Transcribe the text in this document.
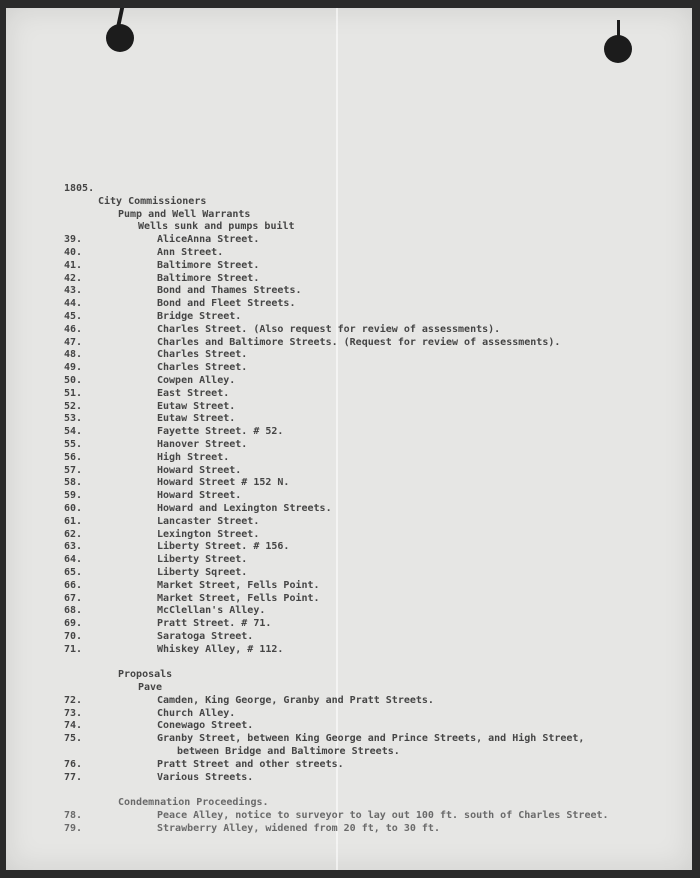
1805.
City Commissioners
Pump and Well Warrants
Wells sunk and pumps built
39.	AliceAnna Street.
40.	Ann Street.
41.	Baltimore Street.
42.	Baltimore Street.
43.	Bond and Thames Streets.
44.	Bond and Fleet Streets.
45.	Bridge Street.
46.	Charles Street. (Also request for review of assessments).
47.	Charles and Baltimore Streets. (Request for review of assessments).
48.	Charles Street.
49.	Charles Street.
50.	Cowpen Alley.
51.	East Street.
52.	Eutaw Street.
53.	Eutaw Street.
54.	Fayette Street. # 52.
55.	Hanover Street.
56.	High Street.
57.	Howard Street.
58.	Howard Street # 152 N.
59.	Howard Street.
60.	Howard and Lexington Streets.
61.	Lancaster Street.
62.	Lexington Street.
63.	Liberty Street. # 156.
64.	Liberty Street.
65.	Liberty Sqreet.
66.	Market Street, Fells Point.
67.	Market Street, Fells Point.
68.	McClellan's Alley.
69.	Pratt Street. # 71.
70.	Saratoga Street.
71.	Whiskey Alley, # 112.
Proposals
Pave
72.	Camden, King George, Granby and Pratt Streets.
73.	Church Alley.
74.	Conewago Street.
75.	Granby Street, between King George and Prince Streets, and High Street,
between Bridge and Baltimore Streets.
76.	Pratt Street and other streets.
77.	Various Streets.
Condemnation Proceedings.
78.	Peace Alley, notice to surveyor to lay out 100 ft. south of Charles Street.
79.	Strawberry Alley, widened from 20 ft, to 30 ft.
